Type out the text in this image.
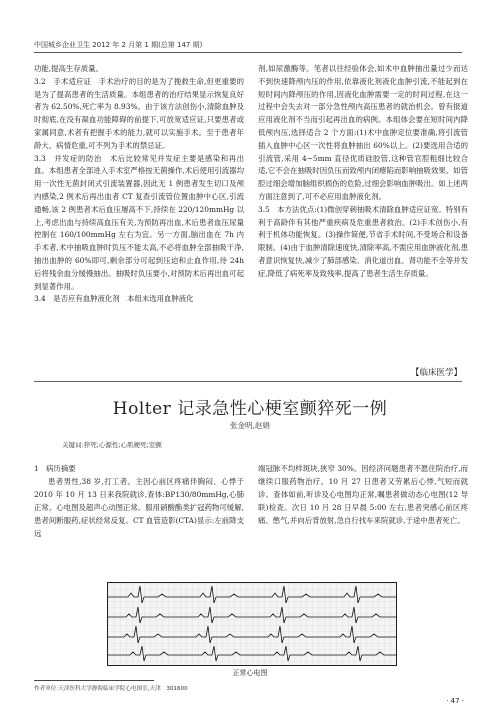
中国城乡企业卫生 2012 年 2 月第 1 期(总第 147 期)

功能,提高生存质量。

3.2　手术适应证　手术治疗的目的是为了挽救生命,但更重要的是为了提高患者的生活质量。本组患者的治疗结果显示恢复良好者为 62.50%,死亡率为 8.93%。由于该方法创伤小,清除血肿及时彻底,在没有凝血功能障碍的前提下,可放宽适应证,只要患者或家属同意,术者有把握手术的能力,就可以实施手术。至于患者年龄大、病情危重,可不列为手术的禁忌证。

3.3　并发症的防治　术后比较常见并发症主要是感染和再出血。本组患者全部进入手术室严格按无菌操作,术后使用引流器均用一次性无菌封闭式引流装置器,因此无 1 例患者发生切口及颅内感染,2 例术后再出血者 CT 复查引流管位置血肿中心区,引流通畅,该 2 例患者术后血压屡高不下,持续在 220/120mmHg 以上,考虑出血与持续高血压有关,为预防再出血,术后患者血压尿量控制在 160/100mmHg 左右为宜。另一方面,脑出血在 7h 内手术者,术中抽吸血肿时负压不能太高,不必将血肿全部抽吸干净,抽出血肿的 60%即可,剩余部分可起到压迫和止血作用,待 24h 后将残余血分缓慢抽出。抽吸时负压要小,对预防术后再出血可起到显著作用。

3.4　是否应有血肿液化剂　本组未选用血肿液化

剂,如尿激酶等。笔者以往经验体会,如术中血肿抽出量过少而达不到快速降颅内压的作用,依靠液化剂液化血肿引流,不能起到在短时间内降颅压的作用,因液化血肿需要一定的时间过程,在这一过程中会失去对一部分急性颅内高压患者的就治机会。曾有报道应用液化剂不当而引起再出血的病例。本组体会要在短时间内降低颅内压,选择适合 2 个方面:(1)术中血肿定位要准确,将引流管插入血肿中心区一次性将血肿抽出 60%以上。(2)要选用合适的引流管,采用 4~5mm 直径优质硅胶管,这种管官腔粗细比较合适,它不会在抽吸时因负压而致颅内闭瘪陷而影响抽吸效果。如管腔过细会增加脑组织损伤的危险,过细会影响血肿吸出。如上述两方面注意到了,可不必应用血肿液化剂。

3.5　本方法优点:(1)微创穿刺抽吸术清除血肿适应证宽。特别有利于高龄伴有其他严重疾病及危重患者救治。(2)手术创伤小,有利于机体功能恢复。(3)操作简便,节省手术时间,不受场合和设备限制。(4)由于血肿清除速度快,清除率高,不需应用血肿液化剂,患者意识恢复快,减少了肺部感染、消化道出血、肾功能不全等并发症,降低了病死率及致残率,提高了患者生活生存质量。

【临床医学】
Holter 记录急性心梗室颤猝死一例
张金明,赵娟
关键词:猝死;心源性;心肌梗死;室颤

1　病历摘要

患者男性,38 岁,打工者。主因心前区疼痛伴胸闷、心悸于 2010 年 10 月 13 日来我院就诊,查体:BP130/80mmHg,心肺正常。心电图及超声心动图正常。服用硝酸酯类扩冠药物可缓解,患者间断服药,症状经常反复。CT 血管造影(CTA)显示:左前降支远

端冠脉不均样斑块,狭窄 30%。因经济问题患者不愿住院治疗,而继续口服药物治疗。10 月 27 日患者又劳累后心悸,气短而就诊。查体如前,听诊及心电图均正常,嘱患者做动态心电图(12 导联)检查。次日 10 月 28 日早晨 5:00 左右,患者突感心前区疼痛、憋气,并向后背放射,急自行找车来院就诊,于途中患者死亡。

正常心电图
作者单位:天津医科大学静海临床学院心电图室,天津　301600
· 47 ·
